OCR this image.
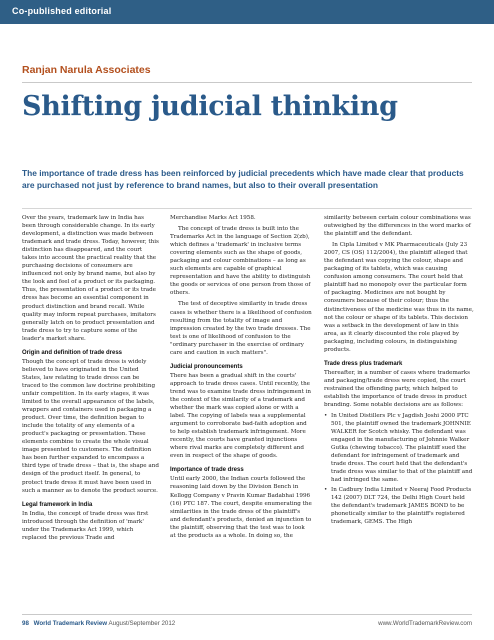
Co-published editorial
Ranjan Narula Associates
Shifting judicial thinking

The importance of trade dress has been reinforced by judicial precedents which have made clear that products are purchased not just by reference to brand names, but also to their overall presentation

Over the years, trademark law in India has been through considerable change. In its early development, a distinction was made between trademark and trade dress. Today, however, this distinction has disappeared, and the court takes into account the practical reality that the purchasing decisions of consumers are influenced not only by brand name, but also by the look and feel of a product or its packaging. Thus, the presentation of a product or its trade dress has become an essential component in product distinction and brand recall. While quality may inform repeat purchases, imitators generally latch on to product presentation and trade dress to try to capture some of the leader's market share.

Origin and definition of trade dress

Though the concept of trade dress is widely believed to have originated in the United States, law relating to trade dress can be traced to the common law doctrine prohibiting unfair competition. In its early stages, it was limited to the overall appearance of the labels, wrappers and containers used in packaging a product. Over time, the definition began to include the totality of any elements of a product's packaging or presentation. These elements combine to create the whole visual image presented to customers. The definition has been further expanded to encompass a third type of trade dress – that is, the shape and design of the product itself. In general, to protect trade dress it must have been used in such a manner as to denote the product source.

Legal framework in India

In India, the concept of trade dress was first introduced through the definition of 'mark' under the Trademarks Act 1999, which replaced the previous Trade and

Merchandise Marks Act 1958.

The concept of trade dress is built into the Trademarks Act in the language of Section 2(zb), which defines a 'trademark' in inclusive terms covering elements such as the shape of goods, packaging and colour combinations – as long as such elements are capable of graphical representation and have the ability to distinguish the goods or services of one person from those of others.

The test of deceptive similarity in trade dress cases is whether there is a likelihood of confusion resulting from the totality of image and impression created by the two trade dresses. The test is one of likelihood of confusion to the "ordinary purchaser in the exercise of ordinary care and caution in such matters".

Judicial pronouncements

There has been a gradual shift in the courts' approach to trade dress cases. Until recently, the trend was to examine trade dress infringement in the context of the similarity of a trademark and whether the mark was copied alone or with a label. The copying of labels was a supplemental argument to corroborate bad-faith adoption and to help establish trademark infringement. More recently, the courts have granted injunctions where rival marks are completely different and even in respect of the shape of goods.

Importance of trade dress

Until early 2000, the Indian courts followed the reasoning laid down by the Division Bench in Kellogg Company v Pravin Kumar Badabhai 1996 (16) PTC 187. The court, despite enumerating the similarities in the trade dress of the plaintiff's and defendant's products, denied an injunction to the plaintiff, observing that the test was to look at the products as a whole. In doing so, the

similarity between certain colour combinations was outweighed by the differences in the word marks of the plaintiff and the defendant.

In Cipla Limited v MK Pharmaceuticals (July 23 2007, CS (OS) 112/2004), the plaintiff alleged that the defendant was copying the colour, shape and packaging of its tablets, which was causing confusion among consumers. The court held that plaintiff had no monopoly over the particular form of packaging. Medicines are not bought by consumers because of their colour; thus the distinctiveness of the medicine was thus in its name, not the colour or shape of its tablets. This decision was a setback in the development of law in this area, as it clearly discounted the role played by packaging, including colours, in distinguishing products.

Trade dress plus trademark

Thereafter, in a number of cases where trademarks and packaging/trade dress were copied, the court restrained the offending party, which helped to establish the importance of trade dress in product branding. Some notable decisions are as follows:

• In United Distillers Plc v Jagdish Joshi 2000 PTC 501, the plaintiff owned the trademark JOHNNIE WALKER for Scotch whisky. The defendant was engaged in the manufacturing of Johnnie Walker Gutka (chewing tobacco). The plaintiff sued the defendant for infringement of trademark and trade dress. The court held that the defendant's trade dress was similar to that of the plaintiff and had infringed the same.
• In Cadbury India Limited v Neeraj Food Products 142 (2007) DLT 724, the Delhi High Court held the defendant's trademark JAMES BOND to be phonetically similar to the plaintiff's registered trademark, GEMS. The High
98 World Trademark Review August/September 2012	www.WorldTrademarkReview.com
